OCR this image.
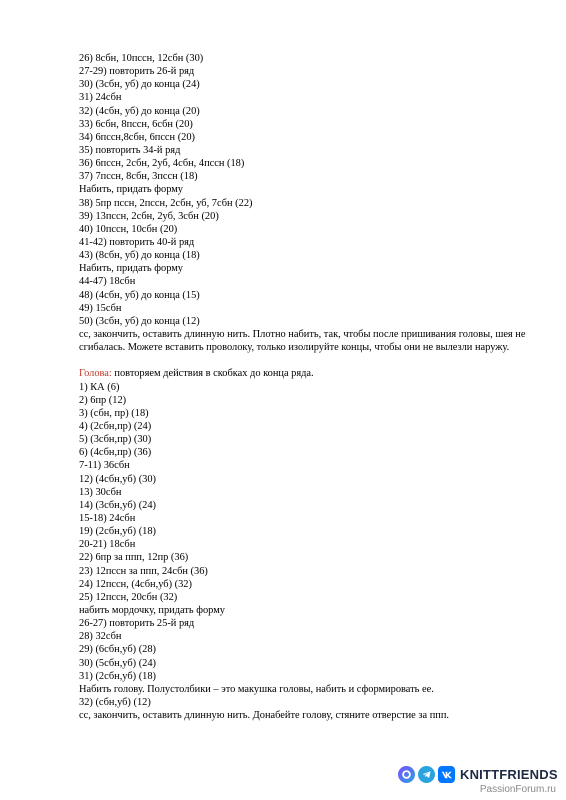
26) 8сбн, 10псcн, 12сбн (30)
27-29) повторить 26-й ряд
30) (3сбн, уб) до конца (24)
31) 24сбн
32) (4сбн, уб) до конца (20)
33) 6сбн, 8псcн, 6сбн (20)
34) 6псcн,8сбн, 6псcн (20)
35) повторить 34-й ряд
36) 6псcн, 2сбн, 2уб, 4сбн, 4псcн (18)
37) 7псcн, 8сбн, 3псcн (18)
Набить, придать форму
38) 5пр псcн, 2псcн, 2сбн, уб, 7сбн (22)
39) 13псcн, 2сбн, 2уб, 3сбн (20)
40) 10псcн, 10сбн (20)
41-42) повторить 40-й ряд
43) (8сбн, уб) до конца (18)
Набить, придать форму
44-47) 18сбн
48) (4сбн, уб) до конца (15)
49) 15сбн
50) (3сбн, уб) до конца (12)
сс, закончить, оставить длинную нить. Плотно набить, так, чтобы после пришивания головы, шея не сгибалась. Можете вставить проволоку, только изолируйте концы, чтобы они не вылезли наружу.
Голова: повторяем действия в скобках до конца ряда.
1) КА (6)
2) 6пр (12)
3) (сбн, пр) (18)
4) (2сбн,пр) (24)
5) (3сбн,пр) (30)
6) (4сбн,пр) (36)
7-11) 36сбн
12) (4сбн,уб) (30)
13) 30сбн
14) (3сбн,уб) (24)
15-18) 24сбн
19) (2сбн,уб) (18)
20-21) 18сбн
22) 6пр за ппп, 12пр (36)
23) 12псcн за ппп, 24сбн (36)
24) 12псcн, (4сбн,уб) (32)
25) 12псcн, 20сбн (32)
набить мордочку, придать форму
26-27) повторить 25-й ряд
28) 32сбн
29) (6сбн,уб) (28)
30) (5сбн,уб) (24)
31) (2сбн,уб) (18)
Набить голову. Полустолбики – это макушка головы, набить и сформировать ее.
32) (сбн,уб) (12)
сс, закончить, оставить длинную нить. Донабейте голову, стяните отверстие за ппп.
KNITTFRIENDS
PassionForum.ru
